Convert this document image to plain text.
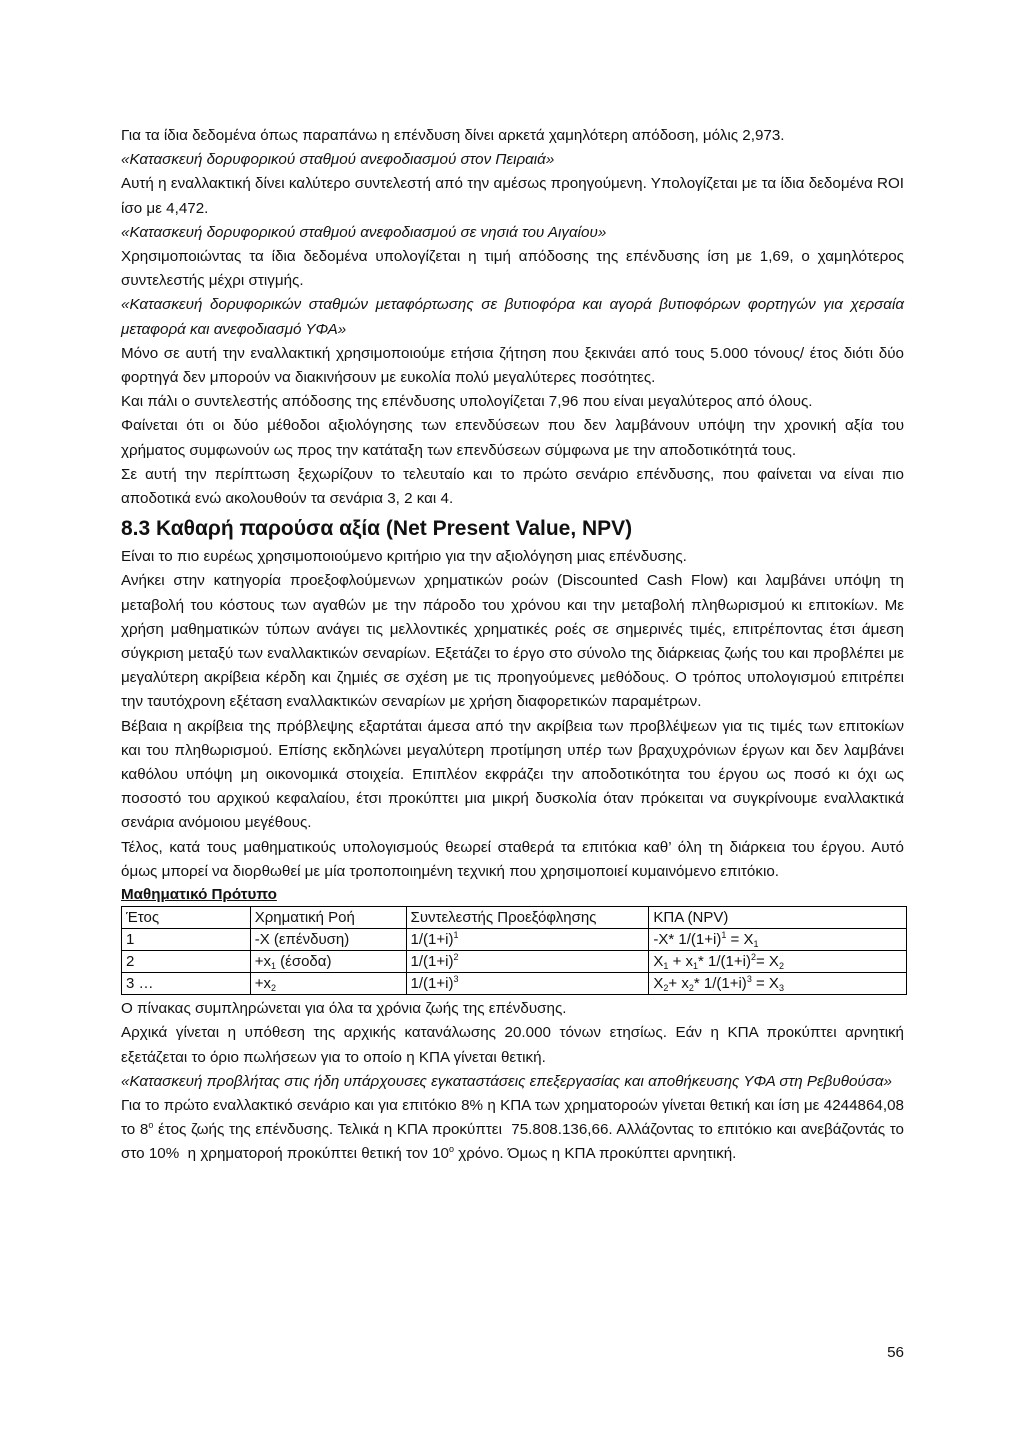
Για τα ίδια δεδομένα όπως παραπάνω η επένδυση δίνει αρκετά χαμηλότερη απόδοση, μόλις 2,973.

«Κατασκευή δορυφορικού σταθμού ανεφοδιασμού στον Πειραιά»

Αυτή η εναλλακτική δίνει καλύτερο συντελεστή από την αμέσως προηγούμενη. Υπολογίζεται με τα ίδια δεδομένα ROI ίσο με 4,472.

«Κατασκευή δορυφορικού σταθμού ανεφοδιασμού σε νησιά του Αιγαίου»

Χρησιμοποιώντας τα ίδια δεδομένα υπολογίζεται η τιμή απόδοσης της επένδυσης ίση με 1,69, ο χαμηλότερος συντελεστής μέχρι στιγμής.

«Κατασκευή δορυφορικών σταθμών μεταφόρτωσης σε βυτιοφόρα και αγορά βυτιοφόρων φορτηγών για χερσαία μεταφορά και ανεφοδιασμό ΥΦΑ»

Μόνο σε αυτή την εναλλακτική χρησιμοποιούμε ετήσια ζήτηση που ξεκινάει από τους 5.000 τόνους/ έτος διότι δύο φορτηγά δεν μπορούν να διακινήσουν με ευκολία πολύ μεγαλύτερες ποσότητες.

Και πάλι ο συντελεστής απόδοσης της επένδυσης υπολογίζεται 7,96 που είναι μεγαλύτερος από όλους.

Φαίνεται ότι οι δύο μέθοδοι αξιολόγησης των επενδύσεων που δεν λαμβάνουν υπόψη την χρονική αξία του χρήματος συμφωνούν ως προς την κατάταξη των επενδύσεων σύμφωνα με την αποδοτικότητά τους.

Σε αυτή την περίπτωση ξεχωρίζουν το τελευταίο και το πρώτο σενάριο επένδυσης, που φαίνεται να είναι πιο αποδοτικά ενώ ακολουθούν τα σενάρια 3, 2 και 4.

8.3 Καθαρή παρούσα αξία (Net Present Value, NPV)

Είναι το πιο ευρέως χρησιμοποιούμενο κριτήριο για την αξιολόγηση μιας επένδυσης.

Ανήκει στην κατηγορία προεξοφλούμενων χρηματικών ροών (Discounted Cash Flow) και λαμβάνει υπόψη τη μεταβολή του κόστους των αγαθών με την πάροδο του χρόνου και την μεταβολή πληθωρισμού κι επιτοκίων. Με χρήση μαθηματικών τύπων ανάγει τις μελλοντικές χρηματικές ροές σε σημερινές τιμές, επιτρέποντας έτσι άμεση σύγκριση μεταξύ των εναλλακτικών σεναρίων. Εξετάζει το έργο στο σύνολο της διάρκειας ζωής του και προβλέπει με μεγαλύτερη ακρίβεια κέρδη και ζημιές σε σχέση με τις προηγούμενες μεθόδους. Ο τρόπος υπολογισμού επιτρέπει την ταυτόχρονη εξέταση εναλλακτικών σεναρίων με χρήση διαφορετικών παραμέτρων.

Βέβαια η ακρίβεια της πρόβλεψης εξαρτάται άμεσα από την ακρίβεια των προβλέψεων για τις τιμές των επιτοκίων και του πληθωρισμού. Επίσης εκδηλώνει μεγαλύτερη προτίμηση υπέρ των βραχυχρόνιων έργων και δεν λαμβάνει καθόλου υπόψη μη οικονομικά στοιχεία. Επιπλέον εκφράζει την αποδοτικότητα του έργου ως ποσό κι όχι ως ποσοστό του αρχικού κεφαλαίου, έτσι προκύπτει μια μικρή δυσκολία όταν πρόκειται να συγκρίνουμε εναλλακτικά σενάρια ανόμοιου μεγέθους.

Τέλος, κατά τους μαθηματικούς υπολογισμούς θεωρεί σταθερά τα επιτόκια καθ’ όλη τη διάρκεια του έργου. Αυτό όμως μπορεί να διορθωθεί με μία τροποποιημένη τεχνική που χρησιμοποιεί κυμαινόμενο επιτόκιο.

Μαθηματικό Πρότυπο
Έτος	Χρηματική Ροή	Συντελεστής Προεξόφλησης	ΚΠΑ (NPV)
1	-X (επένδυση)	$1/(1+i)^1$	-X* $1/(1+i)^1 = X_1$
2	$+x_1$ (έσοδα)	$1/(1+i)^2$	$X_1 + x_1*$ $1/(1+i)^2= X_2$
3 …	$+x_2$	$1/(1+i)^3$	$X_2+ x_2*$ $1/(1+i)^3 = X_3$

Ο πίνακας συμπληρώνεται για όλα τα χρόνια ζωής της επένδυσης.

Αρχικά γίνεται η υπόθεση της αρχικής κατανάλωσης 20.000 τόνων ετησίως. Εάν η ΚΠΑ προκύπτει αρνητική εξετάζεται το όριο πωλήσεων για το οποίο η ΚΠΑ γίνεται θετική.

«Κατασκευή προβλήτας στις ήδη υπάρχουσες εγκαταστάσεις επεξεργασίας και αποθήκευσης ΥΦΑ στη Ρεβυθούσα»

Για το πρώτο εναλλακτικό σενάριο και για επιτόκιο 8% η ΚΠΑ των χρηματοροών γίνεται θετική και ίση με 4244864,08 το $8^o$ έτος ζωής της επένδυσης. Τελικά η ΚΠΑ προκύπτει  75.808.136,66. Αλλάζοντας το επιτόκιο και ανεβάζοντάς το στο 10%  η χρηματοροή προκύπτει θετική τον $10^o$ χρόνο. Όμως η ΚΠΑ προκύπτει αρνητική.

56
